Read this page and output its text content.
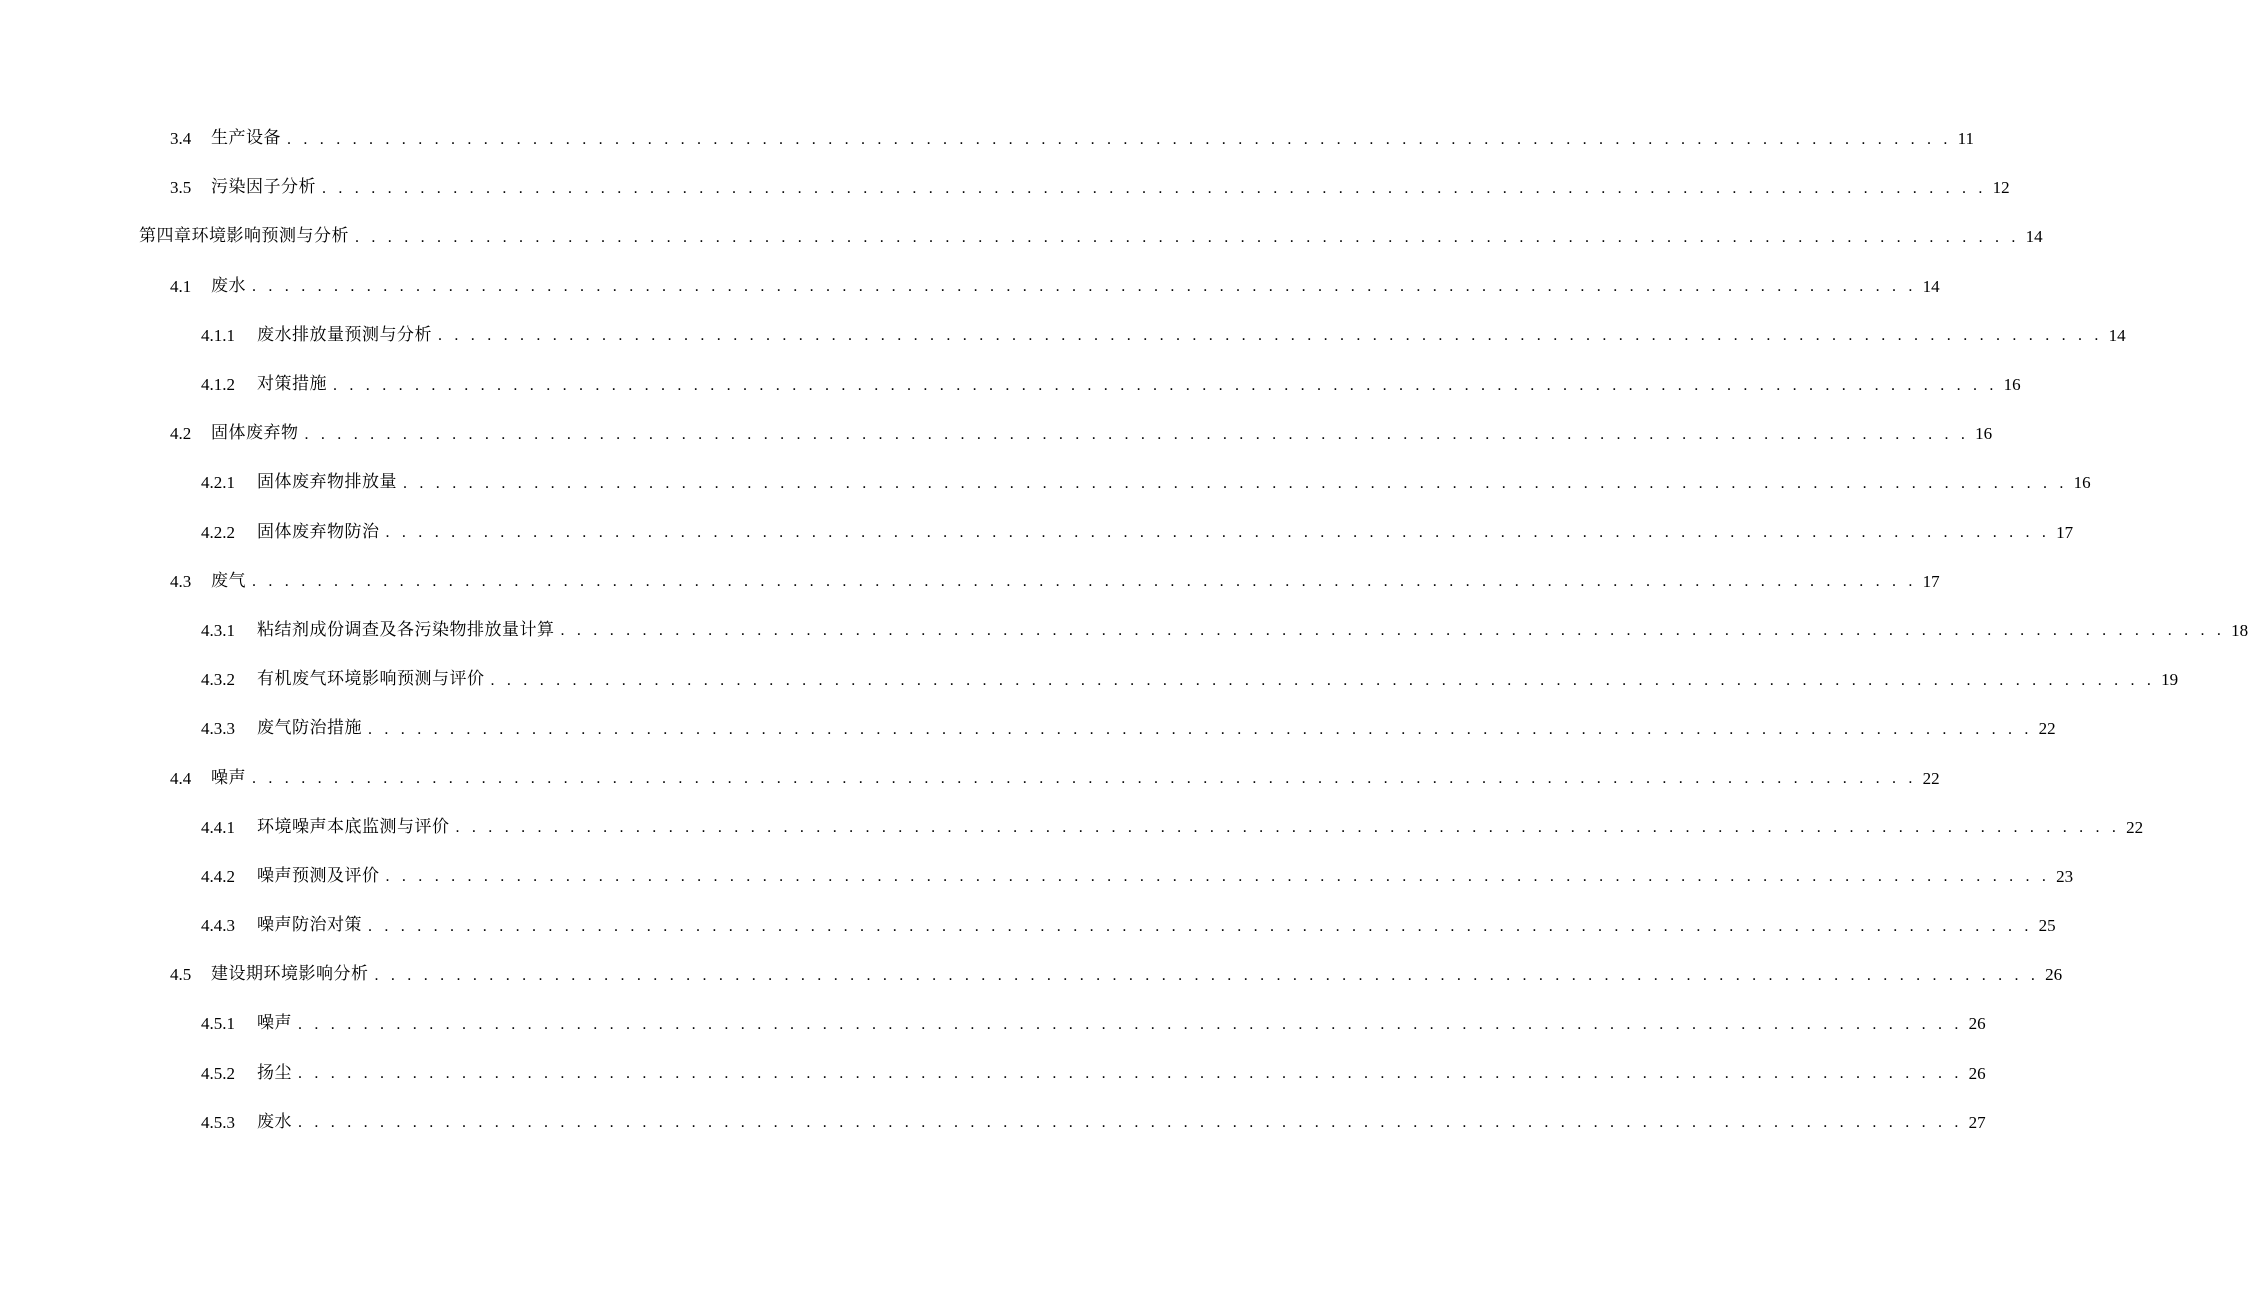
3.4	生产设备 . . . . . . . . . . . . . . . . . . . . . . . . . . . . . . . . . . . . . . . . . . . . . . . . . . . . . . . . . . . . . . . . . . . . . . . . . . . . . . . . . . . . . . . . . . . . . . . . . . . . . . 11
3.5	污染因子分析 . . . . . . . . . . . . . . . . . . . . . . . . . . . . . . . . . . . . . . . . . . . . . . . . . . . . . . . . . . . . . . . . . . . . . . . . . . . . . . . . . . . . . . . . . . . . . . . . . . . . . . 12
第四章环境影响预测与分析 . . . . . . . . . . . . . . . . . . . . . . . . . . . . . . . . . . . . . . . . . . . . . . . . . . . . . . . . . . . . . . . . . . . . . . . . . . . . . . . . . . . . . . . . . . . . . . . . . . . . . . 14
4.1	废水 . . . . . . . . . . . . . . . . . . . . . . . . . . . . . . . . . . . . . . . . . . . . . . . . . . . . . . . . . . . . . . . . . . . . . . . . . . . . . . . . . . . . . . . . . . . . . . . . . . . . . . 14
4.1.1	废水排放量预测与分析 . . . . . . . . . . . . . . . . . . . . . . . . . . . . . . . . . . . . . . . . . . . . . . . . . . . . . . . . . . . . . . . . . . . . . . . . . . . . . . . . . . . . . . . . . . . . . . . . . . . . . . 14
4.1.2	对策措施 . . . . . . . . . . . . . . . . . . . . . . . . . . . . . . . . . . . . . . . . . . . . . . . . . . . . . . . . . . . . . . . . . . . . . . . . . . . . . . . . . . . . . . . . . . . . . . . . . . . . . . 16
4.2	固体废弃物 . . . . . . . . . . . . . . . . . . . . . . . . . . . . . . . . . . . . . . . . . . . . . . . . . . . . . . . . . . . . . . . . . . . . . . . . . . . . . . . . . . . . . . . . . . . . . . . . . . . . . . 16
4.2.1	固体废弃物排放量 . . . . . . . . . . . . . . . . . . . . . . . . . . . . . . . . . . . . . . . . . . . . . . . . . . . . . . . . . . . . . . . . . . . . . . . . . . . . . . . . . . . . . . . . . . . . . . . . . . . . . . 16
4.2.2	固体废弃物防治 . . . . . . . . . . . . . . . . . . . . . . . . . . . . . . . . . . . . . . . . . . . . . . . . . . . . . . . . . . . . . . . . . . . . . . . . . . . . . . . . . . . . . . . . . . . . . . . . . . . . . . 17
4.3	废气 . . . . . . . . . . . . . . . . . . . . . . . . . . . . . . . . . . . . . . . . . . . . . . . . . . . . . . . . . . . . . . . . . . . . . . . . . . . . . . . . . . . . . . . . . . . . . . . . . . . . . . 17
4.3.1	粘结剂成份调查及各污染物排放量计算 . . . . . . . . . . . . . . . . . . . . . . . . . . . . . . . . . . . . . . . . . . . . . . . . . . . . . . . . . . . . . . . . . . . . . . . . . . . . . . . . . . . . . . . . . . . . . . . . . . . . . . 18
4.3.2	有机废气环境影响预测与评价 . . . . . . . . . . . . . . . . . . . . . . . . . . . . . . . . . . . . . . . . . . . . . . . . . . . . . . . . . . . . . . . . . . . . . . . . . . . . . . . . . . . . . . . . . . . . . . . . . . . . . . 19
4.3.3	废气防治措施 . . . . . . . . . . . . . . . . . . . . . . . . . . . . . . . . . . . . . . . . . . . . . . . . . . . . . . . . . . . . . . . . . . . . . . . . . . . . . . . . . . . . . . . . . . . . . . . . . . . . . . 22
4.4	噪声 . . . . . . . . . . . . . . . . . . . . . . . . . . . . . . . . . . . . . . . . . . . . . . . . . . . . . . . . . . . . . . . . . . . . . . . . . . . . . . . . . . . . . . . . . . . . . . . . . . . . . . 22
4.4.1	环境噪声本底监测与评价 . . . . . . . . . . . . . . . . . . . . . . . . . . . . . . . . . . . . . . . . . . . . . . . . . . . . . . . . . . . . . . . . . . . . . . . . . . . . . . . . . . . . . . . . . . . . . . . . . . . . . . 22
4.4.2	噪声预测及评价 . . . . . . . . . . . . . . . . . . . . . . . . . . . . . . . . . . . . . . . . . . . . . . . . . . . . . . . . . . . . . . . . . . . . . . . . . . . . . . . . . . . . . . . . . . . . . . . . . . . . . . 23
4.4.3	噪声防治对策 . . . . . . . . . . . . . . . . . . . . . . . . . . . . . . . . . . . . . . . . . . . . . . . . . . . . . . . . . . . . . . . . . . . . . . . . . . . . . . . . . . . . . . . . . . . . . . . . . . . . . . 25
4.5	建设期环境影响分析 . . . . . . . . . . . . . . . . . . . . . . . . . . . . . . . . . . . . . . . . . . . . . . . . . . . . . . . . . . . . . . . . . . . . . . . . . . . . . . . . . . . . . . . . . . . . . . . . . . . . . . 26
4.5.1	噪声 . . . . . . . . . . . . . . . . . . . . . . . . . . . . . . . . . . . . . . . . . . . . . . . . . . . . . . . . . . . . . . . . . . . . . . . . . . . . . . . . . . . . . . . . . . . . . . . . . . . . . . 26
4.5.2	扬尘 . . . . . . . . . . . . . . . . . . . . . . . . . . . . . . . . . . . . . . . . . . . . . . . . . . . . . . . . . . . . . . . . . . . . . . . . . . . . . . . . . . . . . . . . . . . . . . . . . . . . . . 26
4.5.3	废水 . . . . . . . . . . . . . . . . . . . . . . . . . . . . . . . . . . . . . . . . . . . . . . . . . . . . . . . . . . . . . . . . . . . . . . . . . . . . . . . . . . . . . . . . . . . . . . . . . . . . . . 27
